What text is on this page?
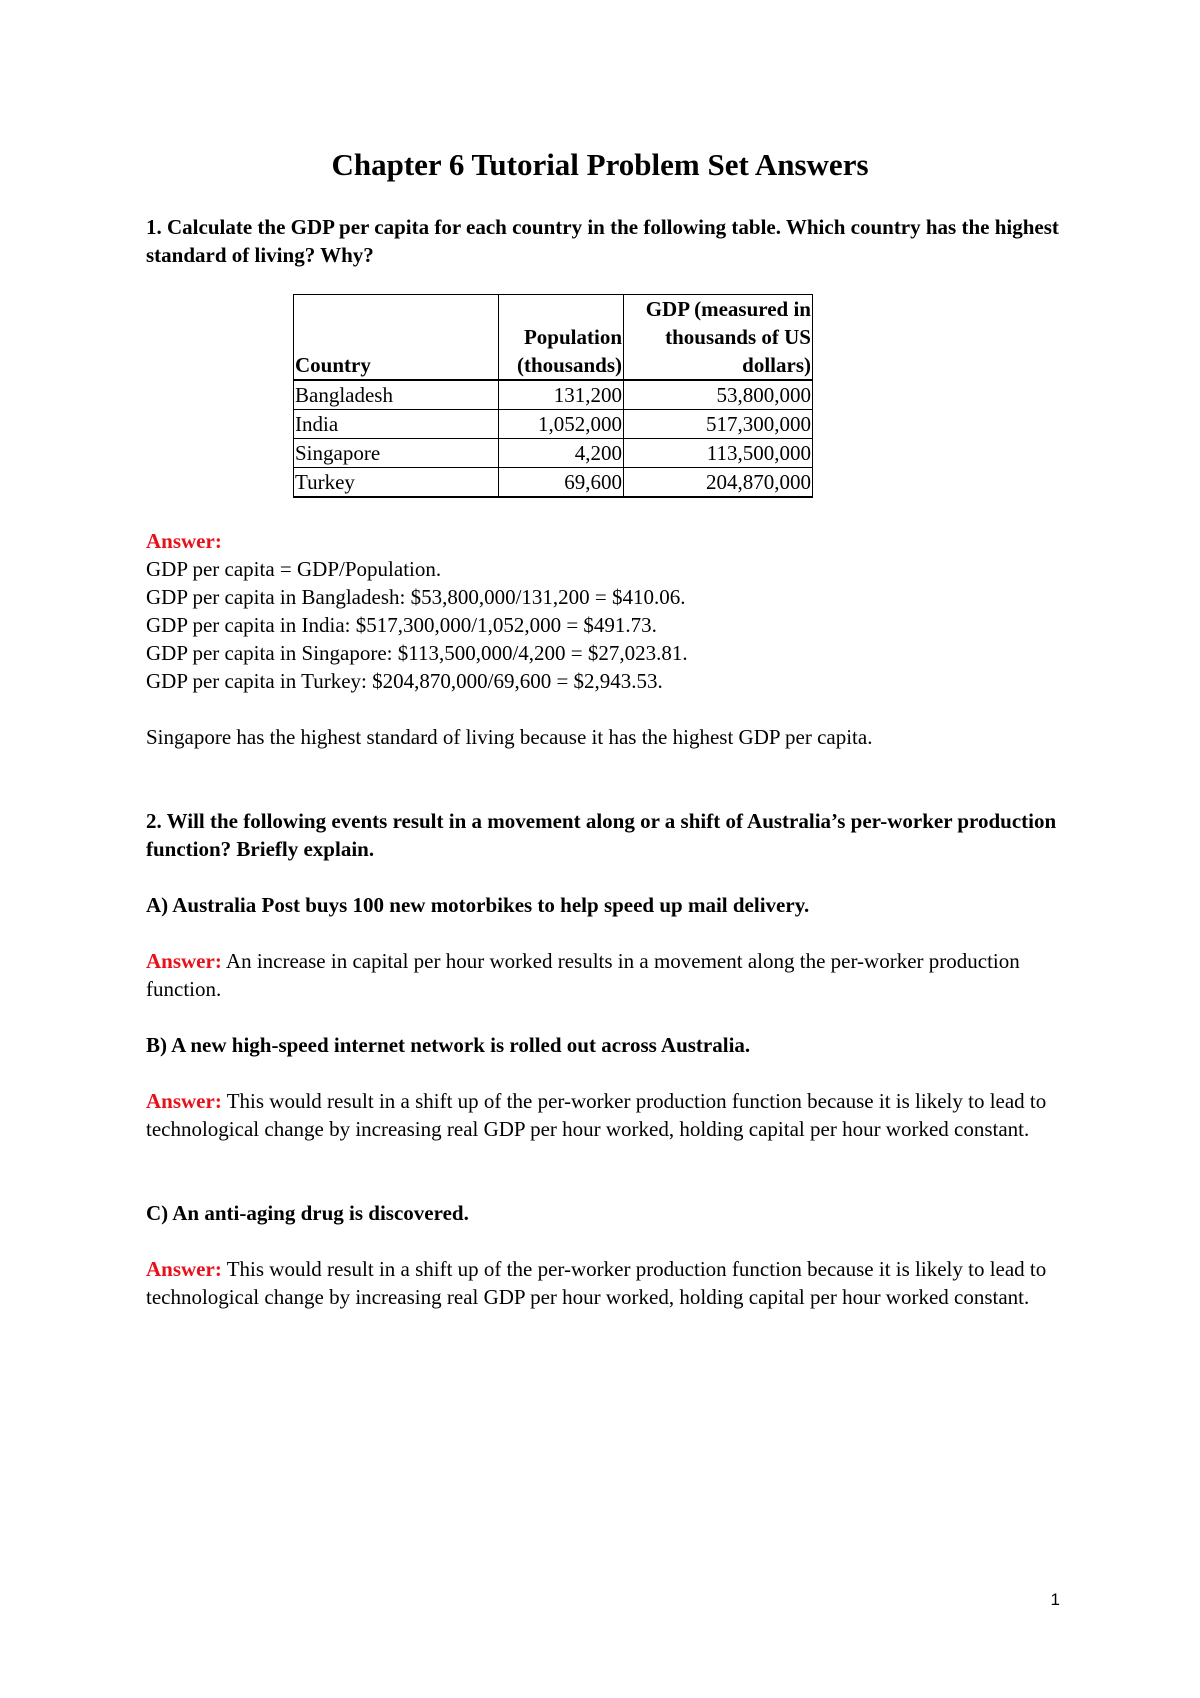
Chapter 6 Tutorial Problem Set Answers

1. Calculate the GDP per capita for each country in the following table. Which country has the highest standard of living? Why?

Country	Population (thousands)	GDP (measured in thousands of US dollars)
Bangladesh	131,200	53,800,000
India	1,052,000	517,300,000
Singapore	4,200	113,500,000
Turkey	69,600	204,870,000

Answer:

GDP per capita = GDP/Population.

GDP per capita in Bangladesh: $53,800,000/131,200 = $410.06.

GDP per capita in India: $517,300,000/1,052,000 = $491.73.

GDP per capita in Singapore: $113,500,000/4,200 = $27,023.81.

GDP per capita in Turkey: $204,870,000/69,600 = $2,943.53.

Singapore has the highest standard of living because it has the highest GDP per capita.

2. Will the following events result in a movement along or a shift of Australia’s per-worker production function? Briefly explain.

A) Australia Post buys 100 new motorbikes to help speed up mail delivery.

Answer: An increase in capital per hour worked results in a movement along the per-worker production function.

B) A new high-speed internet network is rolled out across Australia.

Answer: This would result in a shift up of the per-worker production function because it is likely to lead to technological change by increasing real GDP per hour worked, holding capital per hour worked constant.

C) An anti-aging drug is discovered.

Answer: This would result in a shift up of the per-worker production function because it is likely to lead to technological change by increasing real GDP per hour worked, holding capital per hour worked constant.

1
